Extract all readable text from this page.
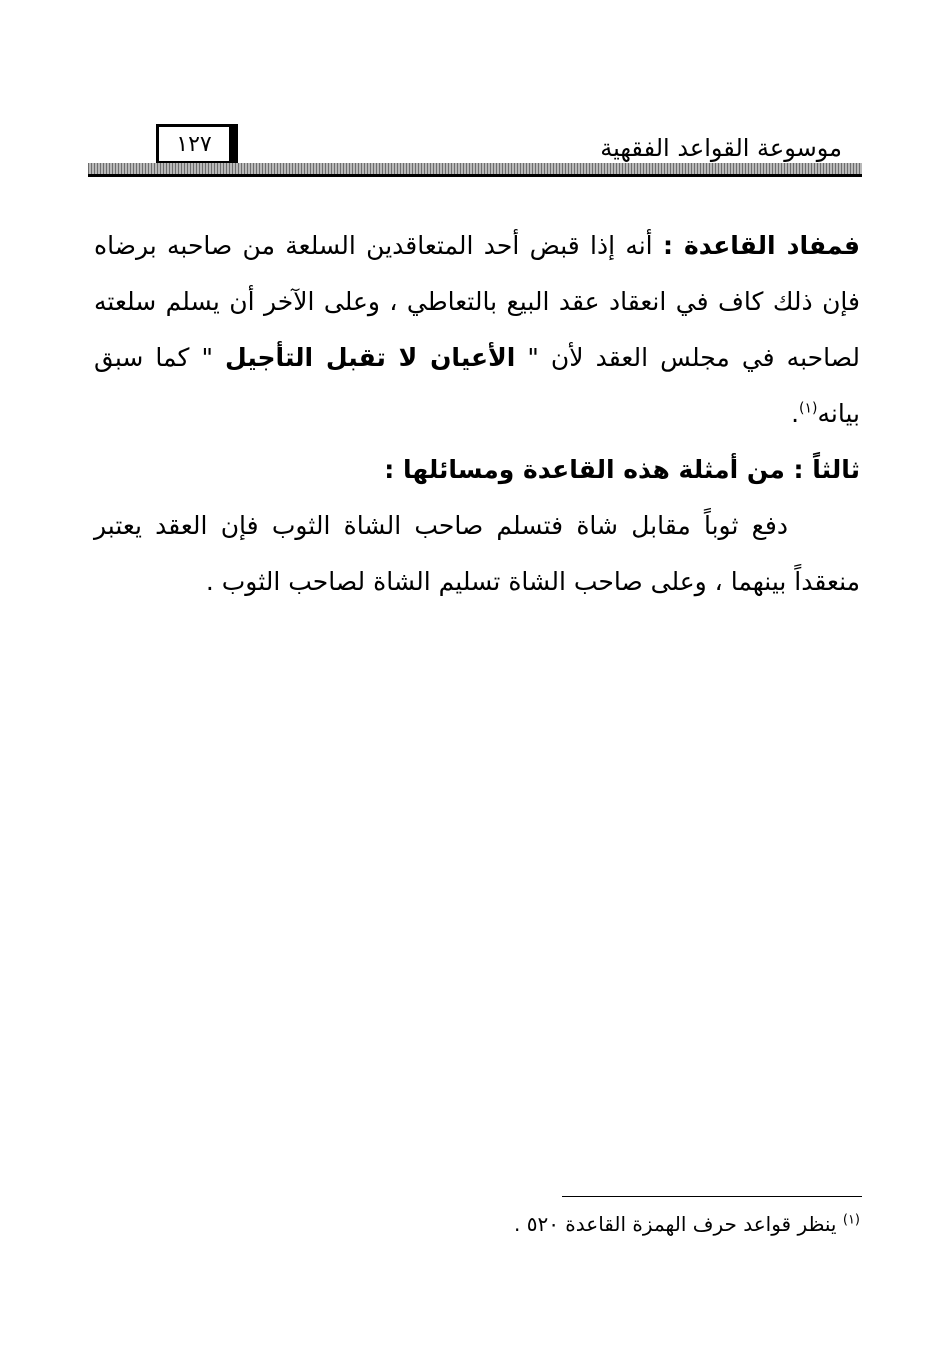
موسوعة القواعد الفقهية
١٢٧

فمفاد القاعدة : أنه إذا قبض أحد المتعاقدين السلعة من صاحبه برضاه فإن ذلك كاف في انعقاد عقد البيع بالتعاطي ، وعلى الآخر أن يسلم سلعته لصاحبه في مجلس العقد لأن " الأعيان لا تقبل التأجيل " كما سبق بيانه$^{(١)}$.

ثالثاً : من أمثلة هذه القاعدة ومسائلها :

دفع ثوباً مقابل شاة فتسلم صاحب الشاة الثوب فإن العقد يعتبر منعقداً بينهما ، وعلى صاحب الشاة تسليم الشاة لصاحب الثوب .

$^{(١)}$ ينظر قواعد حرف الهمزة القاعدة ٥٢٠ .
